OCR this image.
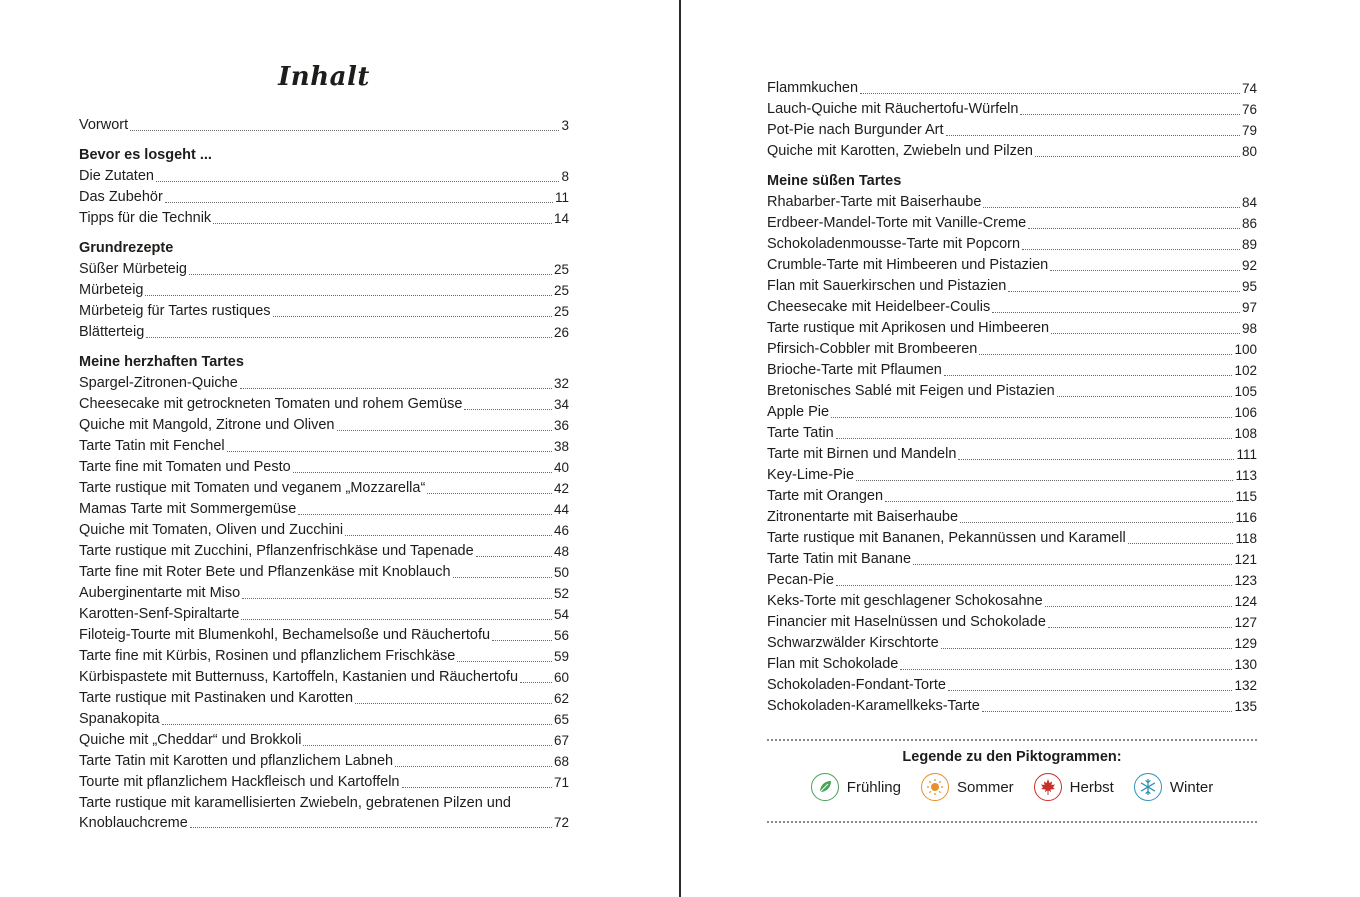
Inhalt
Vorwort	3
Bevor es losgeht ...
Die Zutaten	8
Das Zubehör	11
Tipps für die Technik	14
Grundrezepte
Süßer Mürbeteig	25
Mürbeteig	25
Mürbeteig für Tartes rustiques	25
Blätterteig	26
Meine herzhaften Tartes
Spargel-Zitronen-Quiche	32
Cheesecake mit getrockneten Tomaten und rohem Gemüse	34
Quiche mit Mangold, Zitrone und Oliven	36
Tarte Tatin mit Fenchel	38
Tarte fine mit Tomaten und Pesto	40
Tarte rustique mit Tomaten und veganem „Mozzarella“	42
Mamas Tarte mit Sommergemüse	44
Quiche mit Tomaten, Oliven und Zucchini	46
Tarte rustique mit Zucchini, Pflanzenfrischkäse und Tapenade	48
Tarte fine mit Roter Bete und Pflanzenkäse mit Knoblauch	50
Auberginentarte mit Miso	52
Karotten-Senf-Spiraltarte	54
Filoteig-Tourte mit Blumenkohl, Bechamelsoße und Räuchertofu	56
Tarte fine mit Kürbis, Rosinen und pflanzlichem Frischkäse	59
Kürbispastete mit Butternuss, Kartoffeln, Kastanien und Räuchertofu	60
Tarte rustique mit Pastinaken und Karotten	62
Spanakopita	65
Quiche mit „Cheddar“ und Brokkoli	67
Tarte Tatin mit Karotten und pflanzlichem Labneh	68
Tourte mit pflanzlichem Hackfleisch und Kartoffeln	71
Tarte rustique mit karamellisierten Zwiebeln, gebratenen Pilzen und
Knoblauchcreme	72
Flammkuchen	74
Lauch-Quiche mit Räuchertofu-Würfeln	76
Pot-Pie nach Burgunder Art	79
Quiche mit Karotten, Zwiebeln und Pilzen	80
Meine süßen Tartes
Rhabarber-Tarte mit Baiserhaube	84
Erdbeer-Mandel-Torte mit Vanille-Creme	86
Schokoladenmousse-Tarte mit Popcorn	89
Crumble-Tarte mit Himbeeren und Pistazien	92
Flan mit Sauerkirschen und Pistazien	95
Cheesecake mit Heidelbeer-Coulis	97
Tarte rustique mit Aprikosen und Himbeeren	98
Pfirsich-Cobbler mit Brombeeren	100
Brioche-Tarte mit Pflaumen	102
Bretonisches Sablé mit Feigen und Pistazien	105
Apple Pie	106
Tarte Tatin	108
Tarte mit Birnen und Mandeln	111
Key-Lime-Pie	113
Tarte mit Orangen	115
Zitronentarte mit Baiserhaube	116
Tarte rustique mit Bananen, Pekannüssen und Karamell	118
Tarte Tatin mit Banane	121
Pecan-Pie	123
Keks-Torte mit geschlagener Schokosahne	124
Financier mit Haselnüssen und Schokolade	127
Schwarzwälder Kirschtorte	129
Flan mit Schokolade	130
Schokoladen-Fondant-Torte	132
Schokoladen-Karamellkeks-Tarte	135
Legende zu den Piktogrammen:
Frühling	Sommer	Herbst	Winter
